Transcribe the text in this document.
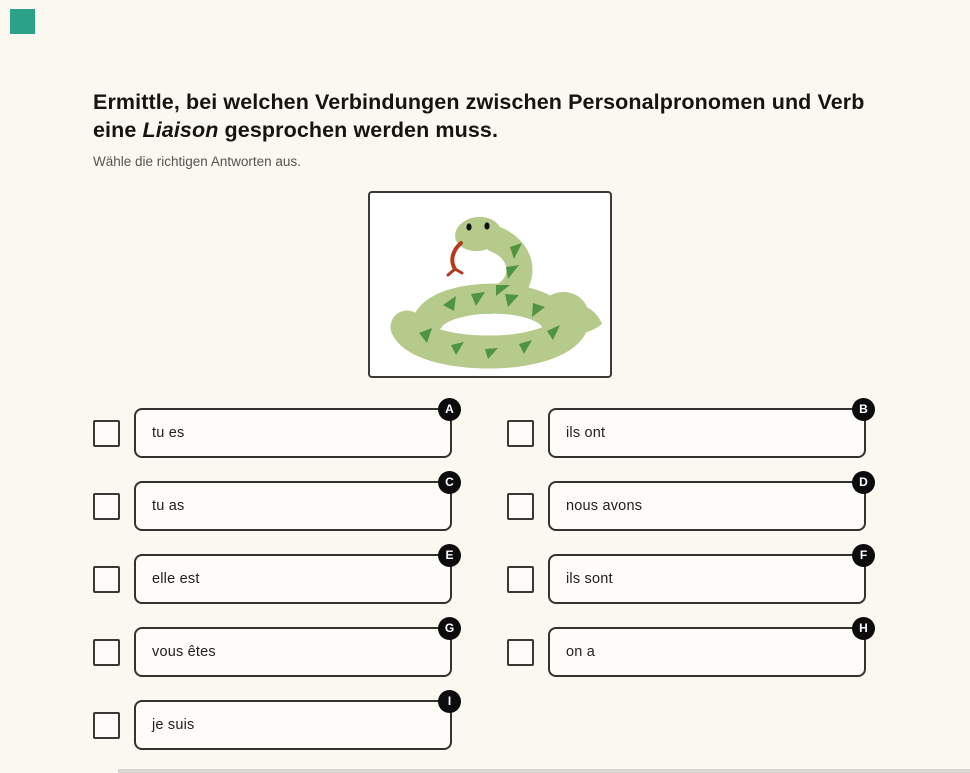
Ermittle, bei welchen Verbindungen zwischen Personalpronomen und Verb eine Liaison gesprochen werden muss.

Wähle die richtigen Antworten aus.

tu es
A
tu as
C
elle est
E
vous êtes
G
je suis
I
ils ont
B
nous avons
D
ils sont
F
on a
H
